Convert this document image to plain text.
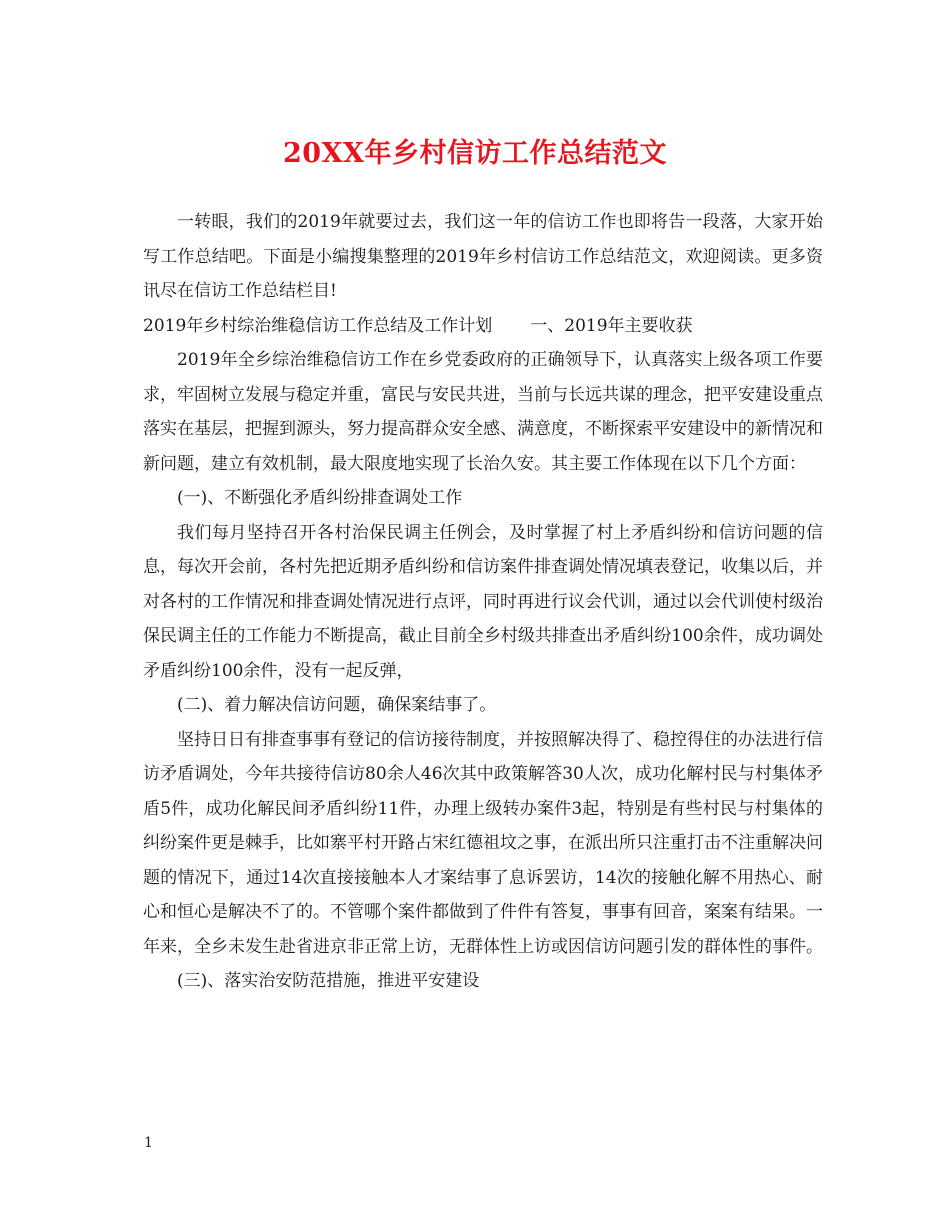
20XX年乡村信访工作总结范文

一转眼，我们的2019年就要过去，我们这一年的信访工作也即将告一段落，大家开始写工作总结吧。下面是小编搜集整理的2019年乡村信访工作总结范文，欢迎阅读。更多资讯尽在信访工作总结栏目!

2019年乡村综治维稳信访工作总结及工作计划 一、2019年主要收获

2019年全乡综治维稳信访工作在乡党委政府的正确领导下，认真落实上级各项工作要求，牢固树立发展与稳定并重，富民与安民共进，当前与长远共谋的理念，把平安建设重点落实在基层，把握到源头，努力提高群众安全感、满意度，不断探索平安建设中的新情况和新问题，建立有效机制，最大限度地实现了长治久安。其主要工作体现在以下几个方面：

(一)、不断强化矛盾纠纷排查调处工作

我们每月坚持召开各村治保民调主任例会，及时掌握了村上矛盾纠纷和信访问题的信息，每次开会前，各村先把近期矛盾纠纷和信访案件排查调处情况填表登记，收集以后，并对各村的工作情况和排查调处情况进行点评，同时再进行议会代训，通过以会代训使村级治保民调主任的工作能力不断提高，截止目前全乡村级共排查出矛盾纠纷100余件，成功调处矛盾纠纷100余件，没有一起反弹，

(二)、着力解决信访问题，确保案结事了。

坚持日日有排查事事有登记的信访接待制度，并按照解决得了、稳控得住的办法进行信访矛盾调处，今年共接待信访80余人46次其中政策解答30人次，成功化解村民与村集体矛盾5件，成功化解民间矛盾纠纷11件，办理上级转办案件3起，特别是有些村民与村集体的纠纷案件更是棘手，比如寨平村开路占宋红德祖坟之事，在派出所只注重打击不注重解决问题的情况下，通过14次直接接触本人才案结事了息诉罢访，14次的接触化解不用热心、耐心和恒心是解决不了的。不管哪个案件都做到了件件有答复，事事有回音，案案有结果。一年来，全乡未发生赴省进京非正常上访，无群体性上访或因信访问题引发的群体性的事件。

(三)、落实治安防范措施，推进平安建设

1
